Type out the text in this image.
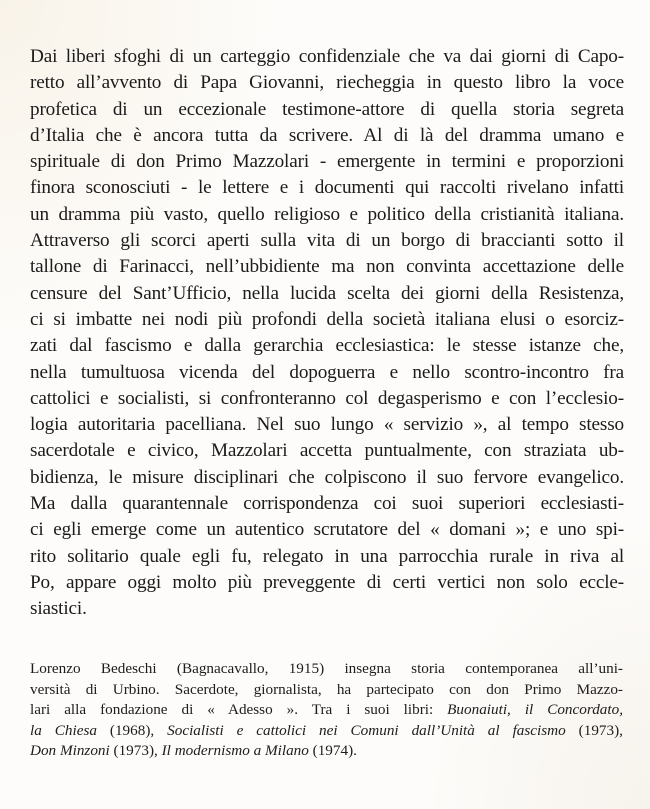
Dai liberi sfoghi di un carteggio confidenziale che va dai giorni di Capo-
retto all’avvento di Papa Giovanni, riecheggia in questo libro la voce
profetica di un eccezionale testimone-attore di quella storia segreta
d’Italia che è ancora tutta da scrivere. Al di là del dramma umano e
spirituale di don Primo Mazzolari - emergente in termini e proporzioni
finora sconosciuti - le lettere e i documenti qui raccolti rivelano infatti
un dramma più vasto, quello religioso e politico della cristianità italiana.
Attraverso gli scorci aperti sulla vita di un borgo di braccianti sotto il
tallone di Farinacci, nell’ubbidiente ma non convinta accettazione delle
censure del Sant’Ufficio, nella lucida scelta dei giorni della Resistenza,
ci si imbatte nei nodi più profondi della società italiana elusi o esorciz-
zati dal fascismo e dalla gerarchia ecclesiastica: le stesse istanze che,
nella tumultuosa vicenda del dopoguerra e nello scontro-incontro fra
cattolici e socialisti, si confronteranno col degasperismo e con l’ecclesio-
logia autoritaria pacelliana. Nel suo lungo « servizio », al tempo stesso
sacerdotale e civico, Mazzolari accetta puntualmente, con straziata ub-
bidienza, le misure disciplinari che colpiscono il suo fervore evangelico.
Ma dalla quarantennale corrispondenza coi suoi superiori ecclesiasti-
ci egli emerge come un autentico scrutatore del « domani »; e uno spi-
rito solitario quale egli fu, relegato in una parrocchia rurale in riva al
Po, appare oggi molto più preveggente di certi vertici non solo eccle-
siastici.
Lorenzo Bedeschi (Bagnacavallo, 1915) insegna storia contemporanea all’uni-
versità di Urbino. Sacerdote, giornalista, ha partecipato con don Primo Mazzo-
lari alla fondazione di « Adesso ». Tra i suoi libri: Buonaiuti, il Concordato,
la Chiesa (1968), Socialisti e cattolici nei Comuni dall’Unità al fascismo (1973),
Don Minzoni (1973), Il modernismo a Milano (1974).
